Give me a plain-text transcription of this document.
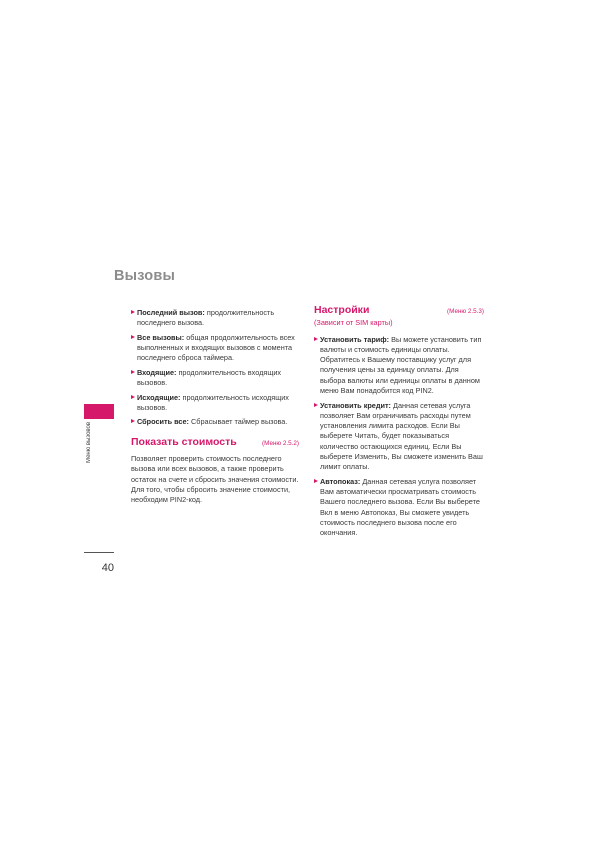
Вызовы
Меню вызовов
40
Последний вызов: продолжительность последнего вызова.
Все вызовы: общая продолжительность всех выполненных и входящих вызовов с момента последнего сброса таймера.
Входящие: продолжительность входящих вызовов.
Исходящие: продолжительность исходящих вызовов.
Сбросить все: Сбрасывает таймер вызова.
Показать стоимость	(Меню 2.5.2)

Позволяет проверить стоимость последнего вызова или всех вызовов, а также проверить остаток на счете и сбросить значения стоимости. Для того, чтобы сбросить значение стоимости, необходим PIN2-код.

Настройки	(Меню 2.5.3)
(Зависит от SIM карты)
Установить тариф: Вы можете установить тип валюты и стоимость единицы оплаты. Обратитесь к Вашему поставщику услуг для получения цены за единицу оплаты. Для выбора валюты или единицы оплаты в данном меню Вам понадобится код PIN2.
Установить кредит: Данная сетевая услуга позволяет Вам ограничивать расходы путем установления лимита расходов. Если Вы выберете Читать, будет показываться количество остающихся единиц. Если Вы выберете Изменить, Вы сможете изменить Ваш лимит оплаты.
Автопоказ: Данная сетевая услуга позволяет Вам автоматически просматривать стоимость Вашего последнего вызова. Если Вы выберете Вкл в меню Автопоказ, Вы сможете увидеть стоимость последнего вызова после его окончания.
